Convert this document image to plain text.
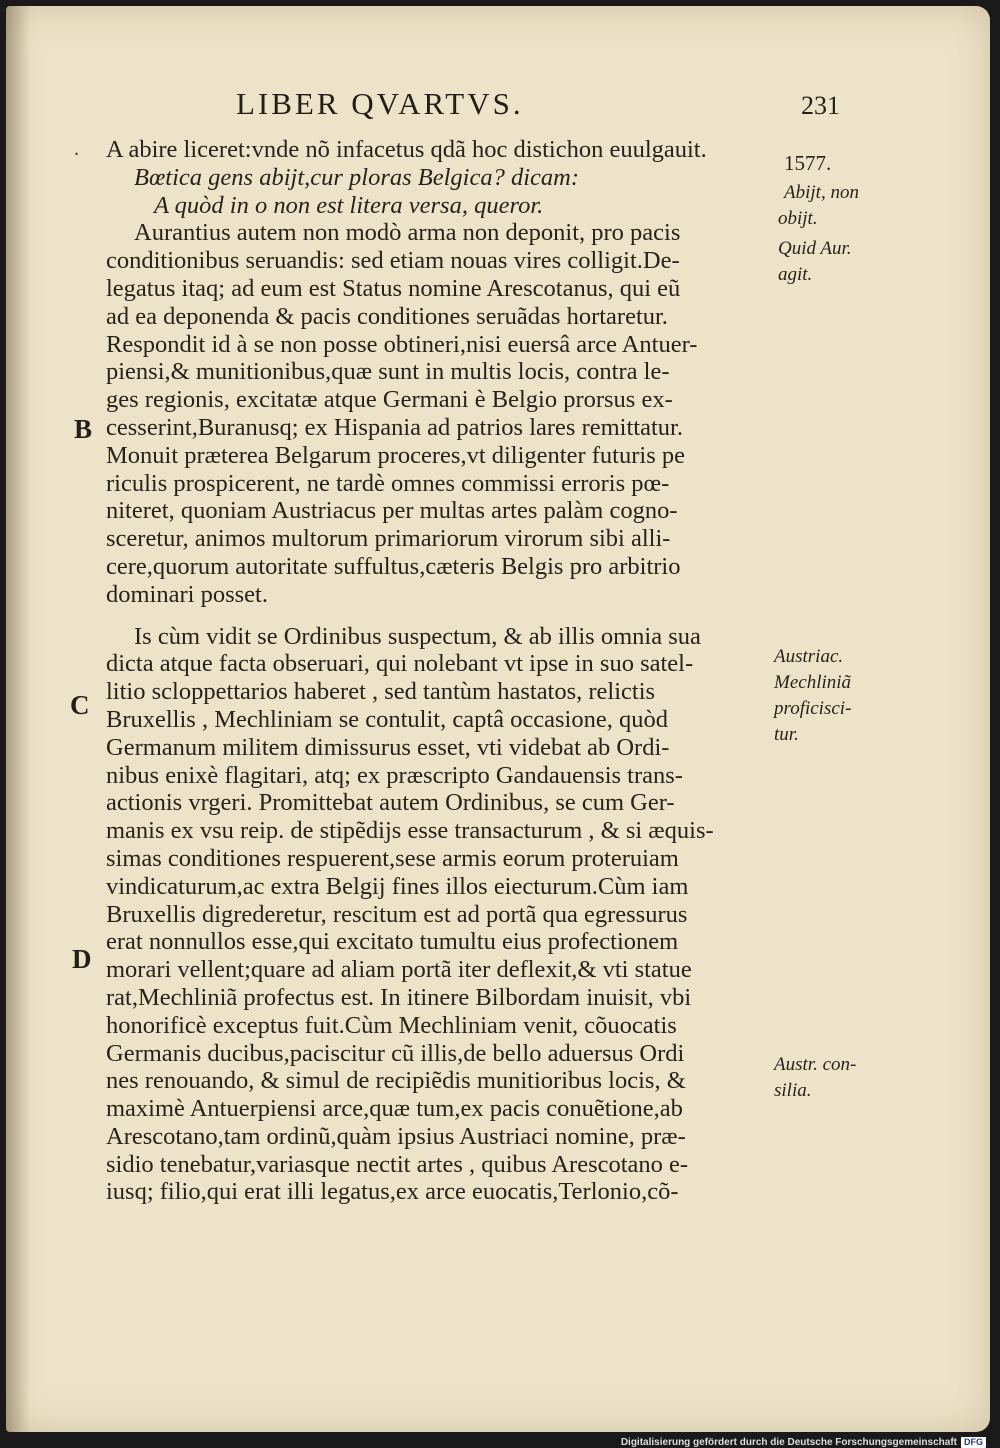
LIBER QVARTVS.	231
A abire liceret:vnde nõ infacetus qdã hoc distichon euulgauit.
Bœtica gens abijt,cur ploras Belgica? dicam:
A quòd in o non est litera versa, queror.
Aurantius autem non modò arma non deponit, pro pacis
conditionibus seruandis: sed etiam nouas vires colligit.De-
legatus itaq; ad eum est Status nomine Arescotanus, qui eũ
ad ea deponenda & pacis conditiones seruãdas hortaretur.
Respondit id à se non posse obtineri,nisi euersâ arce Antuer-
piensi,& munitionibus,quæ sunt in multis locis, contra le-
ges regionis, excitatæ atque Germani è Belgio prorsus ex-
cesserint,Buranusq; ex Hispania ad patrios lares remittatur.
Monuit præterea Belgarum proceres,vt diligenter futuris pe
riculis prospicerent, ne tardè omnes commissi erroris pœ-
niteret, quoniam Austriacus per multas artes palàm cogno-
sceretur, animos multorum primariorum virorum sibi alli-
cere,quorum autoritate suffultus,cæteris Belgis pro arbitrio
dominari posset.
Is cùm vidit se Ordinibus suspectum, & ab illis omnia sua
dicta atque facta obseruari, qui nolebant vt ipse in suo satel-
litio scloppettarios haberet , sed tantùm hastatos, relictis
Bruxellis , Mechliniam se contulit, captâ occasione, quòd
Germanum militem dimissurus esset, vti videbat ab Ordi-
nibus enixè flagitari, atq; ex præscripto Gandauensis trans-
actionis vrgeri. Promittebat autem Ordinibus, se cum Ger-
manis ex vsu reip. de stipẽdijs esse transacturum , & si æquis-
simas conditiones respuerent,sese armis eorum proteruiam
vindicaturum,ac extra Belgij fines illos eiecturum.Cùm iam
Bruxellis digrederetur, rescitum est ad portã qua egressurus
erat nonnullos esse,qui excitato tumultu eius profectionem
morari vellent;quare ad aliam portã iter deflexit,& vti statue
rat,Mechliniã profectus est. In itinere Bilbordam inuisit, vbi
honorificè exceptus fuit.Cùm Mechliniam venit, cõuocatis
Germanis ducibus,paciscitur cũ illis,de bello aduersus Ordi
nes renouando, & simul de recipiẽdis munitioribus locis, &
maximè Antuerpiensi arce,quæ tum,ex pacis conuẽtione,ab
Arescotano,tam ordinũ,quàm ipsius Austriaci nomine, præ-
sidio tenebatur,variasque nectit artes , quibus Arescotano e-
iusq; filio,qui erat illi legatus,ex arce euocatis,Terlonio,cõ-
.
B
C
D
1577.
Abijt, non
obijt.
Quid Aur.
agit.
Austriac.
Mechliniã
proficisci-
tur.
Austr. con-
silia.
Digitalisierung gefördert durch die Deutsche Forschungsgemeinschaft DFG
